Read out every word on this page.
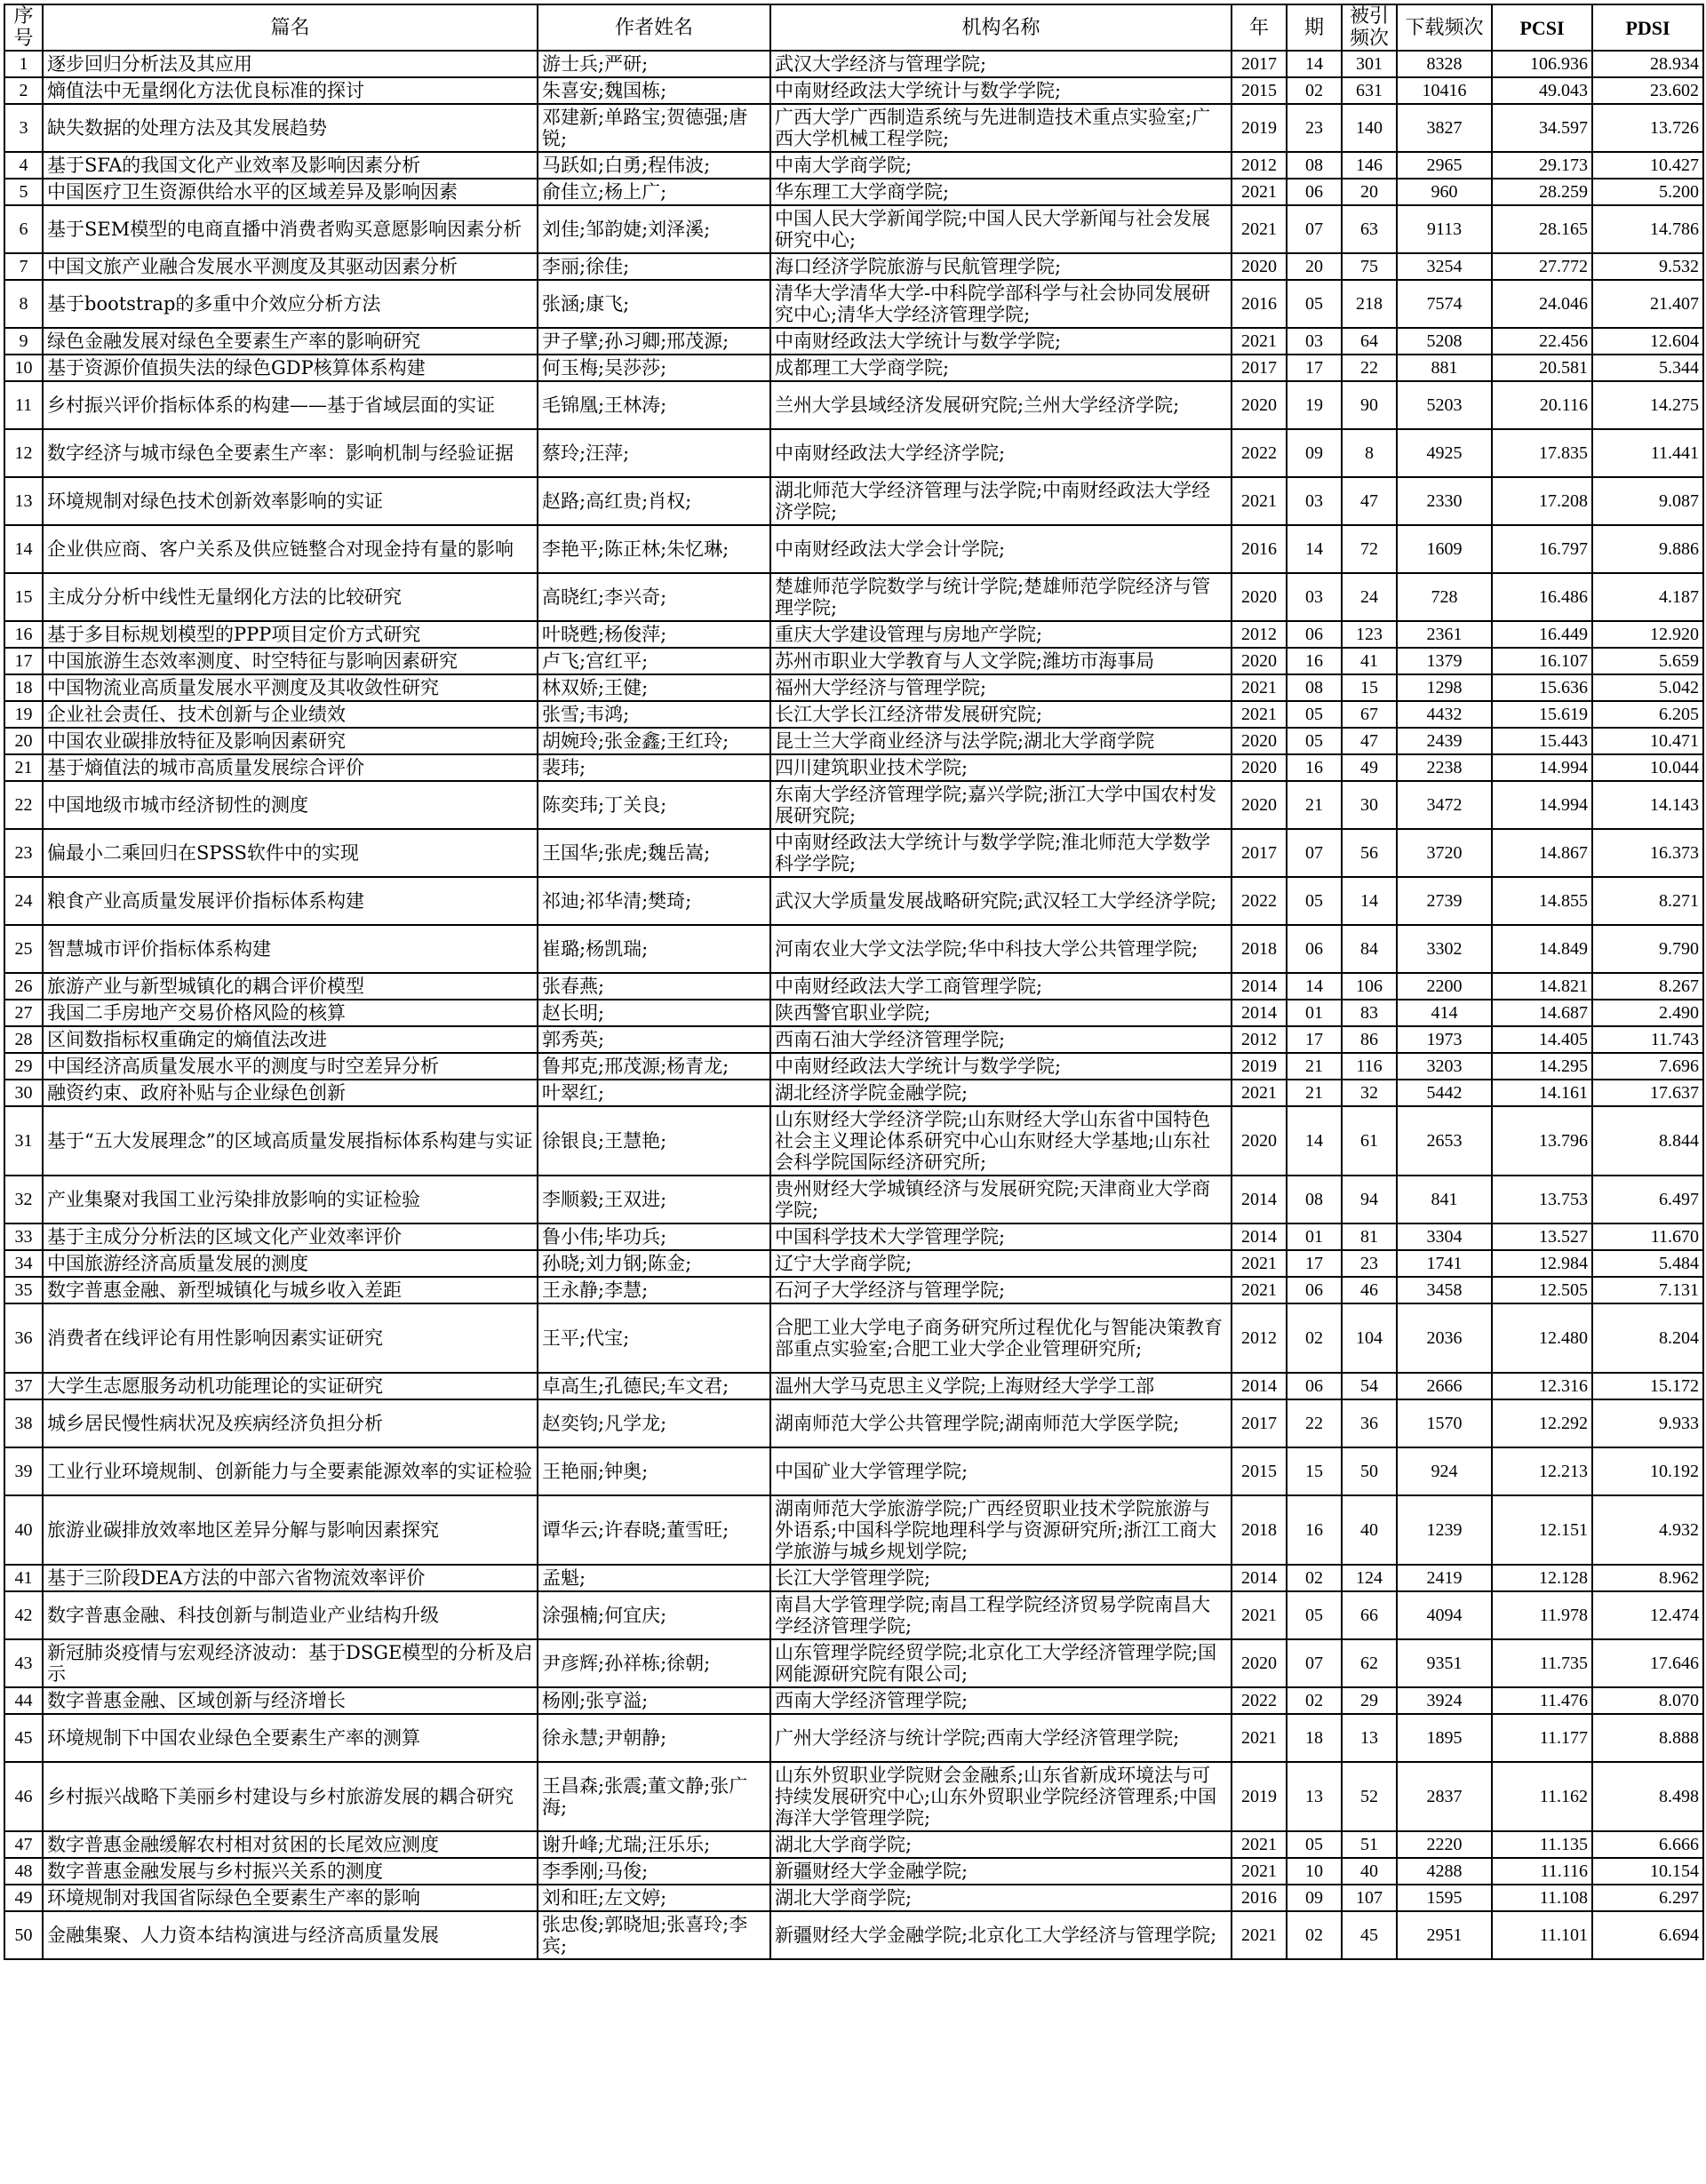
序号	篇名	作者姓名	机构名称	年	期	被引频次	下载频次	PCSI	PDSI
1	逐步回归分析法及其应用	游士兵;严研;	武汉大学经济与管理学院;	2017	14	301	8328	106.936	28.934
2	熵值法中无量纲化方法优良标准的探讨	朱喜安;魏国栋;	中南财经政法大学统计与数学学院;	2015	02	631	10416	49.043	23.602
3	缺失数据的处理方法及其发展趋势	邓建新;单路宝;贺德强;唐锐;	广西大学广西制造系统与先进制造技术重点实验室;广西大学机械工程学院;	2019	23	140	3827	34.597	13.726
4	基于SFA的我国文化产业效率及影响因素分析	马跃如;白勇;程伟波;	中南大学商学院;	2012	08	146	2965	29.173	10.427
5	中国医疗卫生资源供给水平的区域差异及影响因素	俞佳立;杨上广;	华东理工大学商学院;	2021	06	20	960	28.259	5.200
6	基于SEM模型的电商直播中消费者购买意愿影响因素分析	刘佳;邹韵婕;刘泽溪;	中国人民大学新闻学院;中国人民大学新闻与社会发展研究中心;	2021	07	63	9113	28.165	14.786
7	中国文旅产业融合发展水平测度及其驱动因素分析	李丽;徐佳;	海口经济学院旅游与民航管理学院;	2020	20	75	3254	27.772	9.532
8	基于bootstrap的多重中介效应分析方法	张涵;康飞;	清华大学清华大学-中科院学部科学与社会协同发展研究中心;清华大学经济管理学院;	2016	05	218	7574	24.046	21.407
9	绿色金融发展对绿色全要素生产率的影响研究	尹子擘;孙习卿;邢茂源;	中南财经政法大学统计与数学学院;	2021	03	64	5208	22.456	12.604
10	基于资源价值损失法的绿色GDP核算体系构建	何玉梅;吴莎莎;	成都理工大学商学院;	2017	17	22	881	20.581	5.344
11	乡村振兴评价指标体系的构建——基于省域层面的实证	毛锦凰;王林涛;	兰州大学县域经济发展研究院;兰州大学经济学院;	2020	19	90	5203	20.116	14.275
12	数字经济与城市绿色全要素生产率：影响机制与经验证据	蔡玲;汪萍;	中南财经政法大学经济学院;	2022	09	8	4925	17.835	11.441
13	环境规制对绿色技术创新效率影响的实证	赵路;高红贵;肖权;	湖北师范大学经济管理与法学院;中南财经政法大学经济学院;	2021	03	47	2330	17.208	9.087
14	企业供应商、客户关系及供应链整合对现金持有量的影响	李艳平;陈正林;朱忆琳;	中南财经政法大学会计学院;	2016	14	72	1609	16.797	9.886
15	主成分分析中线性无量纲化方法的比较研究	高晓红;李兴奇;	楚雄师范学院数学与统计学院;楚雄师范学院经济与管理学院;	2020	03	24	728	16.486	4.187
16	基于多目标规划模型的PPP项目定价方式研究	叶晓甦;杨俊萍;	重庆大学建设管理与房地产学院;	2012	06	123	2361	16.449	12.920
17	中国旅游生态效率测度、时空特征与影响因素研究	卢飞;宫红平;	苏州市职业大学教育与人文学院;潍坊市海事局	2020	16	41	1379	16.107	5.659
18	中国物流业高质量发展水平测度及其收敛性研究	林双娇;王健;	福州大学经济与管理学院;	2021	08	15	1298	15.636	5.042
19	企业社会责任、技术创新与企业绩效	张雪;韦鸿;	长江大学长江经济带发展研究院;	2021	05	67	4432	15.619	6.205
20	中国农业碳排放特征及影响因素研究	胡婉玲;张金鑫;王红玲;	昆士兰大学商业经济与法学院;湖北大学商学院	2020	05	47	2439	15.443	10.471
21	基于熵值法的城市高质量发展综合评价	裴玮;	四川建筑职业技术学院;	2020	16	49	2238	14.994	10.044
22	中国地级市城市经济韧性的测度	陈奕玮;丁关良;	东南大学经济管理学院;嘉兴学院;浙江大学中国农村发展研究院;	2020	21	30	3472	14.994	14.143
23	偏最小二乘回归在SPSS软件中的实现	王国华;张虎;魏岳嵩;	中南财经政法大学统计与数学学院;淮北师范大学数学科学学院;	2017	07	56	3720	14.867	16.373
24	粮食产业高质量发展评价指标体系构建	祁迪;祁华清;樊琦;	武汉大学质量发展战略研究院;武汉轻工大学经济学院;	2022	05	14	2739	14.855	8.271
25	智慧城市评价指标体系构建	崔璐;杨凯瑞;	河南农业大学文法学院;华中科技大学公共管理学院;	2018	06	84	3302	14.849	9.790
26	旅游产业与新型城镇化的耦合评价模型	张春燕;	中南财经政法大学工商管理学院;	2014	14	106	2200	14.821	8.267
27	我国二手房地产交易价格风险的核算	赵长明;	陕西警官职业学院;	2014	01	83	414	14.687	2.490
28	区间数指标权重确定的熵值法改进	郭秀英;	西南石油大学经济管理学院;	2012	17	86	1973	14.405	11.743
29	中国经济高质量发展水平的测度与时空差异分析	鲁邦克;邢茂源;杨青龙;	中南财经政法大学统计与数学学院;	2019	21	116	3203	14.295	7.696
30	融资约束、政府补贴与企业绿色创新	叶翠红;	湖北经济学院金融学院;	2021	21	32	5442	14.161	17.637
31	基于“五大发展理念”的区域高质量发展指标体系构建与实证	徐银良;王慧艳;	山东财经大学经济学院;山东财经大学山东省中国特色社会主义理论体系研究中心山东财经大学基地;山东社会科学院国际经济研究所;	2020	14	61	2653	13.796	8.844
32	产业集聚对我国工业污染排放影响的实证检验	李顺毅;王双进;	贵州财经大学城镇经济与发展研究院;天津商业大学商学院;	2014	08	94	841	13.753	6.497
33	基于主成分分析法的区域文化产业效率评价	鲁小伟;毕功兵;	中国科学技术大学管理学院;	2014	01	81	3304	13.527	11.670
34	中国旅游经济高质量发展的测度	孙晓;刘力钢;陈金;	辽宁大学商学院;	2021	17	23	1741	12.984	5.484
35	数字普惠金融、新型城镇化与城乡收入差距	王永静;李慧;	石河子大学经济与管理学院;	2021	06	46	3458	12.505	7.131
36	消费者在线评论有用性影响因素实证研究	王平;代宝;	合肥工业大学电子商务研究所过程优化与智能决策教育部重点实验室;合肥工业大学企业管理研究所;	2012	02	104	2036	12.480	8.204
37	大学生志愿服务动机功能理论的实证研究	卓高生;孔德民;车文君;	温州大学马克思主义学院;上海财经大学学工部	2014	06	54	2666	12.316	15.172
38	城乡居民慢性病状况及疾病经济负担分析	赵奕钧;凡学龙;	湖南师范大学公共管理学院;湖南师范大学医学院;	2017	22	36	1570	12.292	9.933
39	工业行业环境规制、创新能力与全要素能源效率的实证检验	王艳丽;钟奥;	中国矿业大学管理学院;	2015	15	50	924	12.213	10.192
40	旅游业碳排放效率地区差异分解与影响因素探究	谭华云;许春晓;董雪旺;	湖南师范大学旅游学院;广西经贸职业技术学院旅游与外语系;中国科学院地理科学与资源研究所;浙江工商大学旅游与城乡规划学院;	2018	16	40	1239	12.151	4.932
41	基于三阶段DEA方法的中部六省物流效率评价	孟魁;	长江大学管理学院;	2014	02	124	2419	12.128	8.962
42	数字普惠金融、科技创新与制造业产业结构升级	涂强楠;何宜庆;	南昌大学管理学院;南昌工程学院经济贸易学院南昌大学经济管理学院;	2021	05	66	4094	11.978	12.474
43	新冠肺炎疫情与宏观经济波动：基于DSGE模型的分析及启示	尹彦辉;孙祥栋;徐朝;	山东管理学院经贸学院;北京化工大学经济管理学院;国网能源研究院有限公司;	2020	07	62	9351	11.735	17.646
44	数字普惠金融、区域创新与经济增长	杨刚;张亨溢;	西南大学经济管理学院;	2022	02	29	3924	11.476	8.070
45	环境规制下中国农业绿色全要素生产率的测算	徐永慧;尹朝静;	广州大学经济与统计学院;西南大学经济管理学院;	2021	18	13	1895	11.177	8.888
46	乡村振兴战略下美丽乡村建设与乡村旅游发展的耦合研究	王昌森;张震;董文静;张广海;	山东外贸职业学院财会金融系;山东省新成环境法与可持续发展研究中心;山东外贸职业学院经济管理系;中国海洋大学管理学院;	2019	13	52	2837	11.162	8.498
47	数字普惠金融缓解农村相对贫困的长尾效应测度	谢升峰;尤瑞;汪乐乐;	湖北大学商学院;	2021	05	51	2220	11.135	6.666
48	数字普惠金融发展与乡村振兴关系的测度	李季刚;马俊;	新疆财经大学金融学院;	2021	10	40	4288	11.116	10.154
49	环境规制对我国省际绿色全要素生产率的影响	刘和旺;左文婷;	湖北大学商学院;	2016	09	107	1595	11.108	6.297
50	金融集聚、人力资本结构演进与经济高质量发展	张忠俊;郭晓旭;张喜玲;李宾;	新疆财经大学金融学院;北京化工大学经济与管理学院;	2021	02	45	2951	11.101	6.694
